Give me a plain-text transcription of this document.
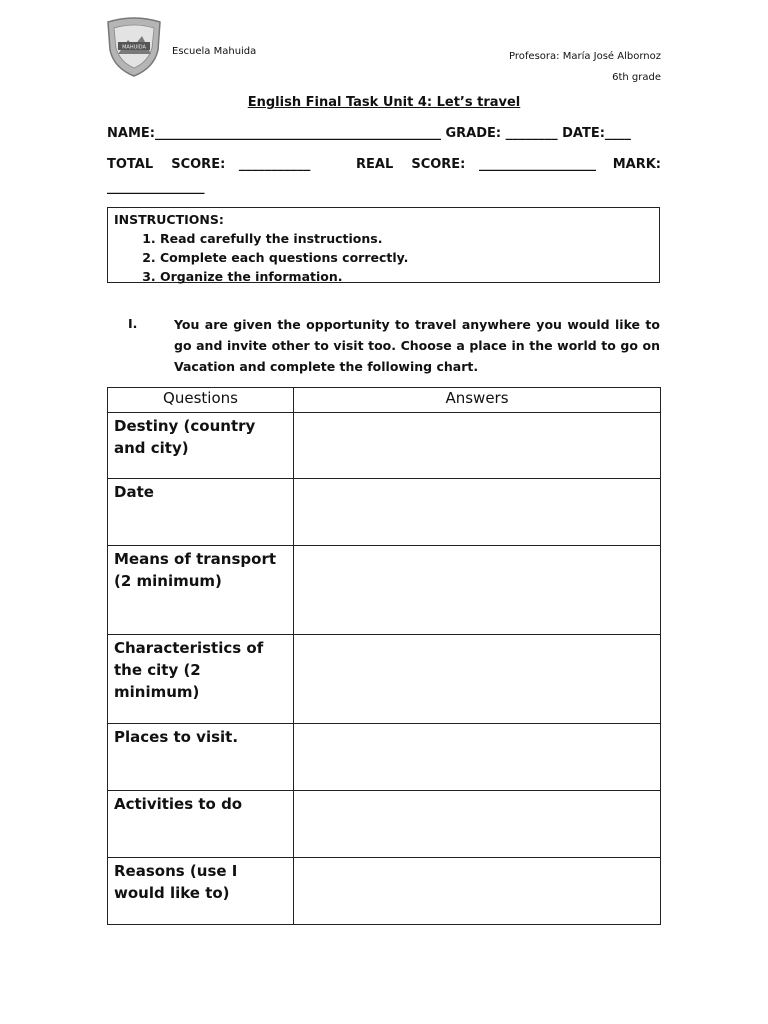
MAHUIDA	Escuela Mahuida	Profesora: María José Albornoz
6th grade
English Final Task Unit 4: Let’s travel
NAME:____________________________________________ GRADE: ________ DATE:____

TOTAL    SCORE:   ___________

	REAL    SCORE:   __________________

MARK:

_______________
INSTRUCTIONS:
1. Read carefully the instructions.
2. Complete each questions correctly.
3. Organize the information.
I.	You are given the opportunity to travel anywhere you would like to go and invite other to visit too. Choose a place in the world to go on Vacation and complete the following chart.
Questions	Answers
Destiny (country and city)	
Date	
Means of transport (2 minimum)	
Characteristics of the city (2 minimum)	
Places to visit.	
Activities to do	
Reasons (use I would like to)	
